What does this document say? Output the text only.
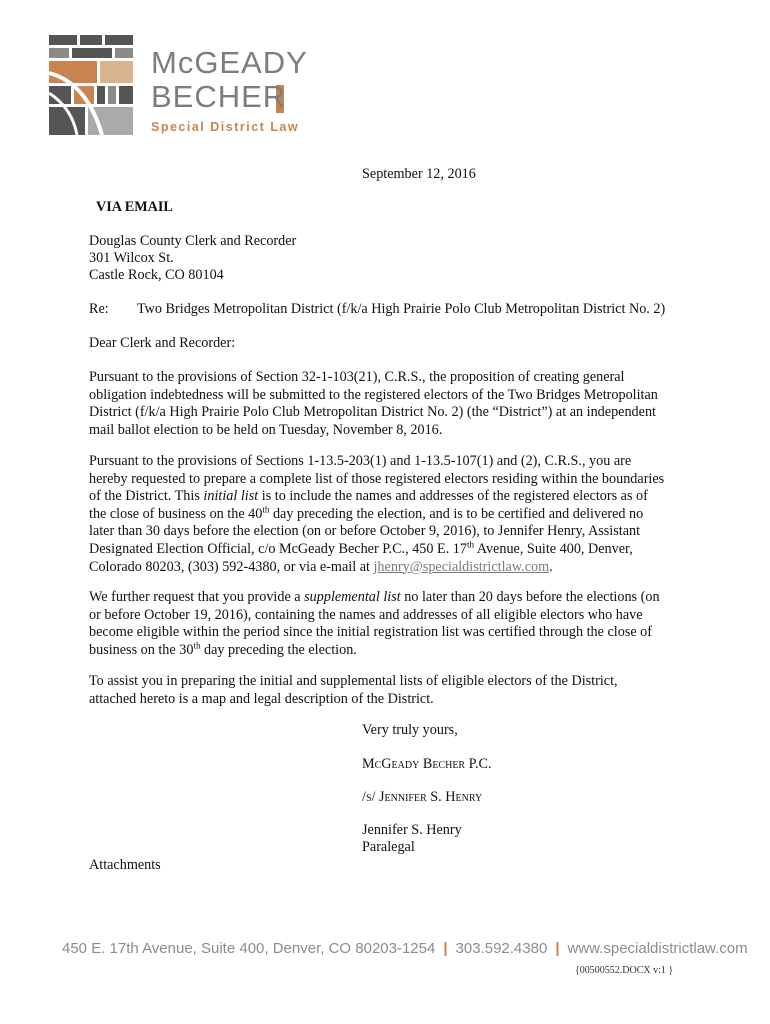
McGEADY
BECHER
Special District Law
September 12, 2016
VIA EMAIL
Douglas County Clerk and Recorder
301 Wilcox St.
Castle Rock, CO 80104
Re: Two Bridges Metropolitan District (f/k/a High Prairie Polo Club Metropolitan District No. 2)
Dear Clerk and Recorder:
Pursuant to the provisions of Section 32-1-103(21), C.R.S., the proposition of creating general
obligation indebtedness will be submitted to the registered electors of the Two Bridges Metropolitan
District (f/k/a High Prairie Polo Club Metropolitan District No. 2) (the “District”) at an independent
mail ballot election to be held on Tuesday, November 8, 2016.
Pursuant to the provisions of Sections 1-13.5-203(1) and 1-13.5-107(1) and (2), C.R.S., you are
hereby requested to prepare a complete list of those registered electors residing within the boundaries
of the District. This initial list is to include the names and addresses of the registered electors as of
the close of business on the 40th day preceding the election, and is to be certified and delivered no
later than 30 days before the election (on or before October 9, 2016), to Jennifer Henry, Assistant
Designated Election Official, c/o McGeady Becher P.C., 450 E. 17th Avenue, Suite 400, Denver,
Colorado 80203, (303) 592-4380, or via e-mail at jhenry@specialdistrictlaw.com.
We further request that you provide a supplemental list no later than 20 days before the elections (on
or before October 19, 2016), containing the names and addresses of all eligible electors who have
become eligible within the period since the initial registration list was certified through the close of
business on the 30th day preceding the election.
To assist you in preparing the initial and supplemental lists of eligible electors of the District,
attached hereto is a map and legal description of the District.
Very truly yours,
McGeady Becher P.C.
/s/ Jennifer S. Henry
Jennifer S. Henry
Paralegal
Attachments
450 E. 17th Avenue, Suite 400, Denver, CO 80203-1254 | 303.592.4380 | www.specialdistrictlaw.com
{00500552.DOCX v:1 }
